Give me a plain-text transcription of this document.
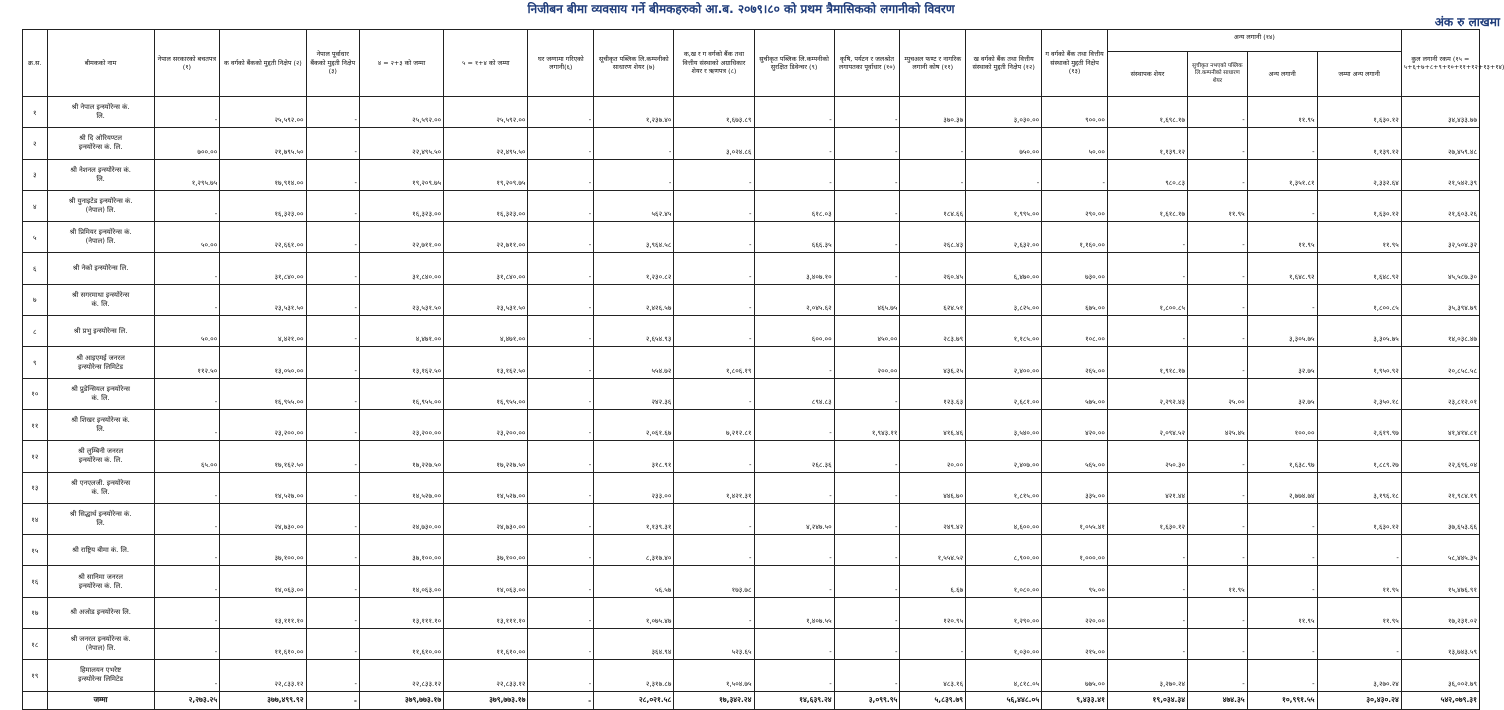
निजीबन बीमा व्यवसाय गर्ने बीमकहरुको आ.ब. २०७९।८० को प्रथम त्रैमासिकको लगानीको विवरण
अंक रु लाखमा
क्र.स.	बीमकको नाम	नेपाल सरकारको बचतपत्र (१)	क वर्गको बैंकको मुद्दती निक्षेप (२)	नेपाल पूर्वाधार बैंकको मुद्दती निक्षेप (३)	४ = २+३ को जम्मा	५ = १+४ को जम्मा	घर जग्गामा गरिएको लगानी(६)	सूचीकृत पब्लिक लि.कम्पनीको साधारण शेयर (७)	क,ख र ग वर्गको बैंक तथा वित्तीय संस्थाको अग्राधिकार शेयर र ऋणपत्र (८)	सुचीकृत पब्लिक लि.कम्पनीको सुरक्षित डिवेन्चर (९)	कृषि, पर्यटन र जलश्रोत लगायतका पूर्वाधार (१०)	म्युचअल फण्ट र नागरिक लगानी कोष (११)	ख वर्गको बैंक तथा वित्तीय संस्थाको मुद्दती निक्षेप (१२)	ग वर्गको बैंक तथा वित्तीय संस्थाको मुद्दती निक्षेप (१३)	अन्य लगानी (१४)				कुल लगानी रकम (१५ = ५+६+७+८+९+१०+११+१२+१३+१४)
															संस्थापक शेयर	सुचीकृत नभएको पब्लिक लि.कम्पनीको साधारण शेयर	अन्य लगानी	जम्मा अन्य लगानी	
१	श्री नेपाल इन्स्योरेन्स कं.
लि.	-	२५,५९२.००	-	२५,५९२.००	२५,५९२.००	-	१,२३७.४०	१,६७३.८९	-	-	३७०.३७	३,०३०.००	९००.००	१,६९८.१७	-	११.९५	१,६३०.१२	३४,४३३.७७
२	श्री दि ओरियण्टल
इन्स्योरेन्स कं. लि.	७००.००	२१,७९५.५०	-	२२,४९५.५०	२२,४९५.५०	-	-	३,०२४.८६	-	-	-	७५०.००	५०.००	१,१३९.१२	-	-	१,१३९.१२	२७,४५९.४८
३	श्री नेशनल इन्स्योरेन्स कं.
लि.	१,२९५.७५	१७,९१४.००	-	१९,२०९.७५	१९,२०९.७५	-	-	-	-	-	-	-	-	९८०.८३	-	१,३५१.८१	२,३३२.६४	२१,५४२.३९
४	श्री युनाइटेड इन्स्योरेन्स कं.
(नेपाल) लि.	-	१६,३२३.००	-	१६,३२३.००	१६,३२३.००	-	५६२.४५	-	६१८.०३	-	१८४.६६	१,९९५.००	२९०.००	१,६१८.१७	११.९५	-	१,६३०.१२	२१,६०३.२६
५	श्री प्रिमियर इन्स्योरेन्स कं.
(नेपाल) लि.	५०.००	२२,६६१.००	-	२२,७११.००	२२,७११.००	-	३,९६४.५८	-	६६६.३५	-	२६८.४३	२,६३२.००	१,१६०.००	-	-	११.९५	११.९५	३२,५०४.३२
६	श्री नेको इन्स्योरेन्स लि.	-	३१,८४०.००	-	३१,८४०.००	३१,८४०.००	-	१,२३०.८२	-	३,४०७.१०	-	२६०.४५	६,४७०.००	७३०.००	-	-	१,६४८.९२	१,६४८.९२	४५,५८७.३०
७	श्री सगरमाथा इन्स्योरेन्स
कं. लि.	-	२३,५३१.५०	-	२३,५३१.५०	२३,५३१.५०	-	२,४२६.५७	-	२,०४५.६२	४६५.७५	६२४.५१	३,८२५.००	६७५.००	१,८००.८५	-	-	१,८००.८५	३५,३९४.७९
८	श्री प्रभु इन्स्योरेन्स लि.	५०.००	४,४२१.००	-	४,४७१.००	४,४७१.००	-	२,६५४.९३	-	६००.००	४५०.००	२८३.७९	१,१८५.००	१०८.००	-	-	३,३०५.७५	३,३०५.७५	१४,०३८.४७
९	श्री आइएमई जनरल
इन्स्योरेन्स लिमिटेड	११२.५०	१३,०५०.००	-	१३,१६२.५०	१३,१६२.५०	-	५५४.७२	१,८०६.१९	-	२००.००	४३६.२५	२,४००.००	२६५.००	१,९१८.१७	-	३२.७५	१,९५०.९२	२०,८५८.५८
१०	श्री प्रुडेन्सियल इन्स्योरेन्स
कं. लि.	-	१६,९५५.००	-	१६,९५५.००	१६,९५५.००	-	२४२.३६	-	८९४.८३	-	१२३.६३	२,६८१.००	५७५.००	२,२९२.४३	२५.००	३२.७५	२,३५०.१८	२३,८१२.०१
११	श्री शिखर इन्स्योरेन्स कं.
लि.	-	२३,२००.००	-	२३,२००.००	२३,२००.००	-	२,०६१.६७	७,२१२.८१	-	१,९४३.११	४१६.४६	३,५४०.००	४२०.००	२,०९४.५२	४२५.४५	१००.००	२,६१९.९७	४१,४१४.८१
१२	श्री लुम्बिनी जनरल
इन्स्योरेन्स कं. लि.	६५.००	१७,१६२.५०	-	१७,२२७.५०	१७,२२७.५०	-	३१८.९१	-	२६८.३६	-	२०.००	२,४०७.००	५६५.००	२५०.३०	-	१,६३८.९७	१,८८९.२७	२२,६९६.०४
१३	श्री एनएलजी. इन्स्योरेन्स
कं. लि.	-	१४,५२७.००	-	१४,५२७.००	१४,५२७.००	-	२३३.००	१,४२१.३१	-	-	४४६.७०	१,८१५.००	३३५.००	४२१.४४	-	२,७७४.७४	३,१९६.१८	२१,९८४.१९
१४	श्री सिद्धार्थ इन्स्योरेन्स कं.
लि.	-	२४,७३०.००	-	२४,७३०.००	२४,७३०.००	-	१,१३९.३१	-	४,२४७.५०	-	२४९.४२	४,६००.००	१,०५५.४१	१,६३०.१२	-	-	१,६३०.१२	३७,६५३.६६
१५	श्री राष्ट्रिय बीमा कं. लि.	-	३७,१००.००	-	३७,१००.००	३७,१००.००	-	८,३१७.४०	-	-	-	१,५५४.५२	८,९००.००	१,०००.००	-	-	-	-	५८,४४५.३५
१६	श्री सानिमा जनरल
इन्स्योरेन्स कं. लि.	-	१४,०६३.००	-	१४,०६३.००	१४,०६३.००	-	५६.५७	१७३.७८	-	-	६.६७	१,०८०.००	९५.००	-	११.९५	-	११.९५	१५,४७६.९१
१७	श्री अजोड इन्स्योरेन्स लि.	-	१३,१११.१०	-	१३,१११.१०	१३,१११.१०	-	१,०७५.४७	-	१,४०७.५५	-	१२०.९५	१,२९०.००	२२०.००	-	-	११.९५	११.९५	१७,२३१.०२
१८	श्री जनरल इन्स्योरेन्स कं.
(नेपाल) लि.	-	११,६१०.००	-	११,६१०.००	११,६१०.००	-	३६४.९४	५२३.६५	-	-	-	१,०३०.००	२१५.००	-	-	-	-	१३,७४३.५९
१९	हिमालयन एभरेष्ट
इन्स्योरेन्स लिमिटेड	-	२२,८३३.१२	-	२२,८३३.१२	२२,८३३.१२	-	२,३१७.८७	१,५०४.७५	-	-	४८३.१६	४,८१८.०५	७७५.००	३,२७०.२४	-	-	३,२७०.२४	३६,००२.७९
	जम्मा	२,२७३.२५	३७७,४९९.९२	-	३७९,७७३.१७	३७९,७७३.१७	-	२८,०२१.५८	१७,३४२.२४	१४,६३९.२४	३,०९९.९५	५,८३९.७९	५६,४४८.०५	९,४३३.४१	१९,०३४.३४	४७४.३५	१०,९९१.५५	३०,४३०.२४	५४२,०७९.३१
